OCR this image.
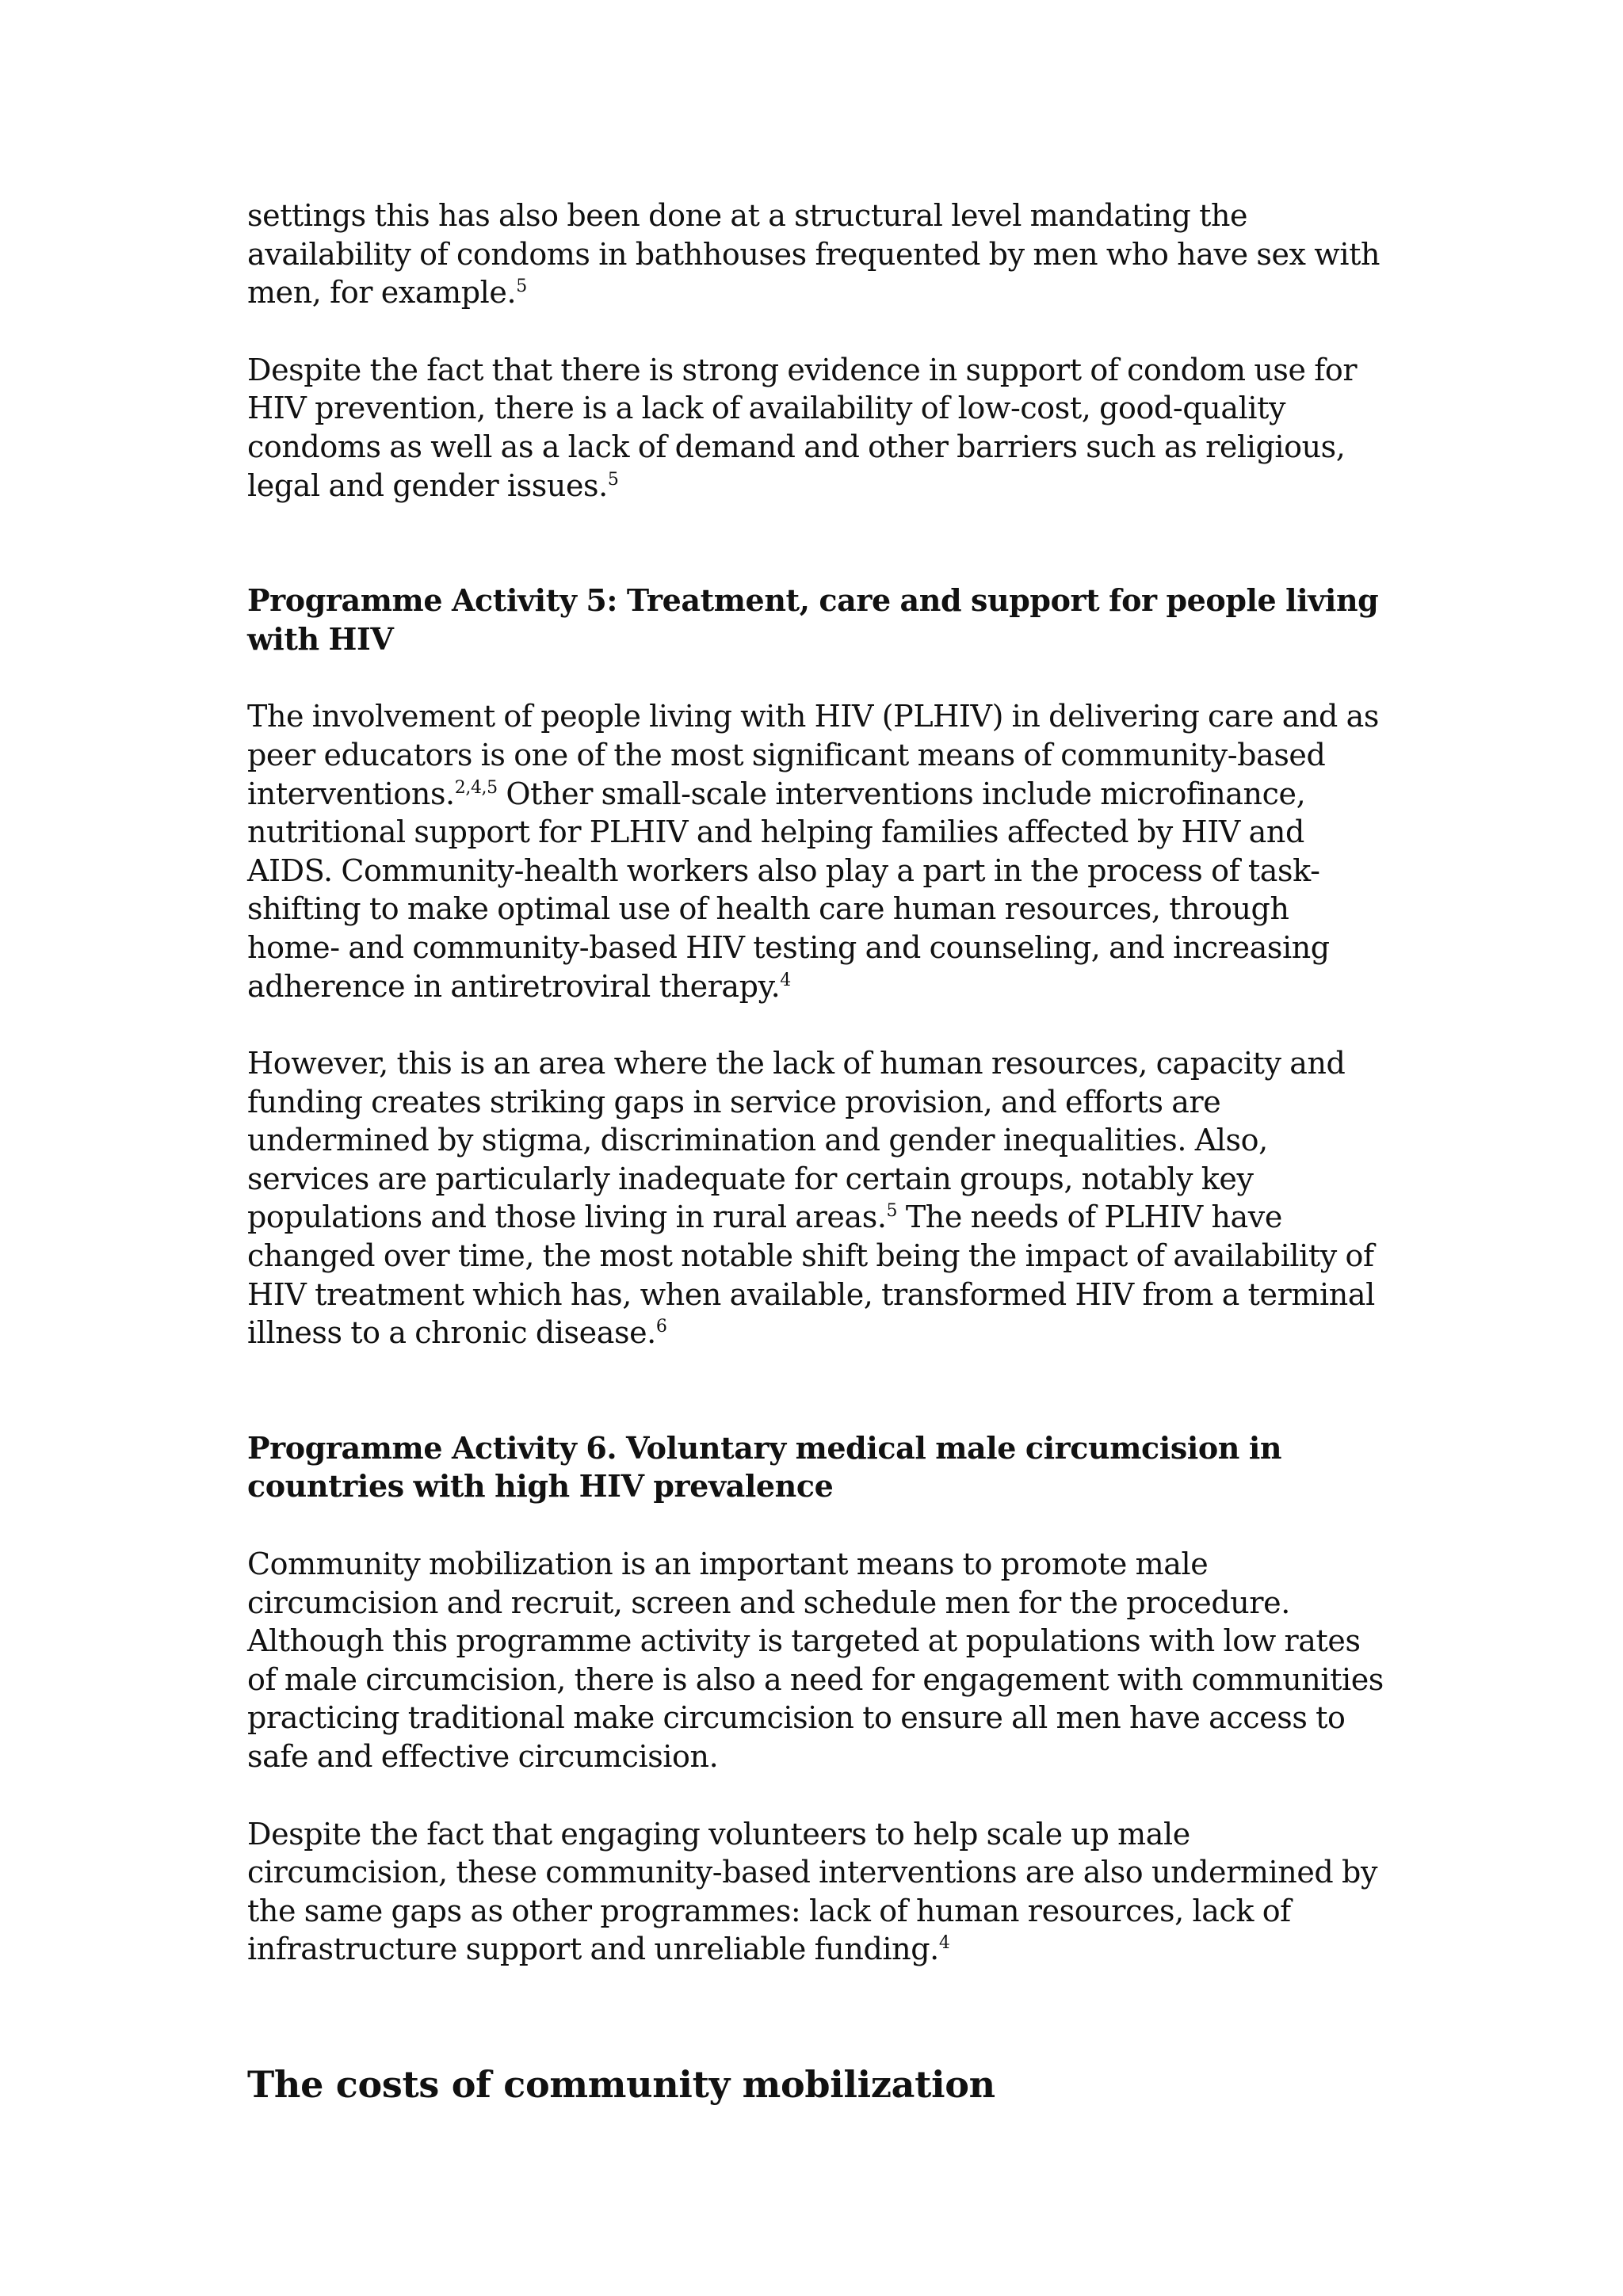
settings this has also been done at a structural level mandating the availability of condoms in bathhouses frequented by men who have sex with men, for example.$^5$

Despite the fact that there is strong evidence in support of condom use for HIV prevention, there is a lack of availability of low-cost, good-quality condoms as well as a lack of demand and other barriers such as religious, legal and gender issues.$^5$

Programme Activity 5: Treatment, care and support for people living with HIV

The involvement of people living with HIV (PLHIV) in delivering care and as peer educators is one of the most significant means of community-based interventions.$^{2,4,5}$ Other small-scale interventions include microfinance, nutritional support for PLHIV and helping families affected by HIV and AIDS. Community-health workers also play a part in the process of task-shifting to make optimal use of health care human resources, through home- and community-based HIV testing and counseling, and increasing adherence in antiretroviral therapy.$^4$

However, this is an area where the lack of human resources, capacity and funding creates striking gaps in service provision, and efforts are undermined by stigma, discrimination and gender inequalities. Also, services are particularly inadequate for certain groups, notably key populations and those living in rural areas.$^5$ The needs of PLHIV have changed over time, the most notable shift being the impact of availability of HIV treatment which has, when available, transformed HIV from a terminal illness to a chronic disease.$^6$

Programme Activity 6. Voluntary medical male circumcision in countries with high HIV prevalence

Community mobilization is an important means to promote male circumcision and recruit, screen and schedule men for the procedure. Although this programme activity is targeted at populations with low rates of male circumcision, there is also a need for engagement with communities practicing traditional make circumcision to ensure all men have access to safe and effective circumcision.

Despite the fact that engaging volunteers to help scale up male circumcision, these community-based interventions are also undermined by the same gaps as other programmes: lack of human resources, lack of infrastructure support and unreliable funding.$^4$

The costs of community mobilization
